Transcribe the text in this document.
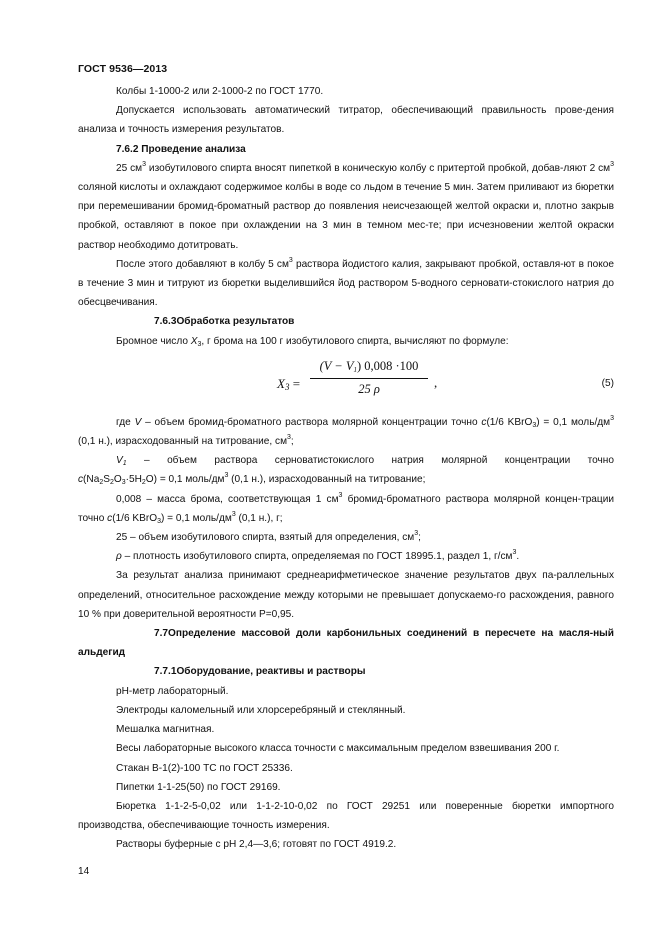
ГОСТ 9536—2013

Колбы 1-1000-2 или 2-1000-2 по ГОСТ 1770.

Допускается использовать автоматический титратор, обеспечивающий правильность прове-дения анализа и точность измерения результатов.

7.6.2 Проведение анализа

25 $см^3$ изобутилового спирта вносят пипеткой в коническую колбу с притертой пробкой, добав-ляют 2 $см^3$ соляной кислоты и охлаждают содержимое колбы в воде со льдом в течение 5 мин. Затем приливают из бюретки при перемешивании бромид-броматный раствор до появления неисчезающей желтой окраски и, плотно закрыв пробкой, оставляют в покое при охлаждении на 3 мин в темном мес-те; при исчезновении желтой окраски раствор необходимо дотитровать.

После этого добавляют в колбу 5 $см^3$ раствора йодистого калия, закрывают пробкой, оставля-ют в покое в течение 3 мин и титруют из бюретки выделившийся йод раствором 5-водного серновати-стокислого натрия до обесцвечивания.

7.6.3Обработка результатов

Бромное число $X_3$, г брома на 100 г изобутилового спирта, вычисляют по формуле:

$X_3 = \frac{(V - V_1) 0,008 \cdot 100}{25 \rho}$ ,	(5)

где V – объем бромид-броматного раствора молярной концентрации точно c(1/6 KBrO$_3$) = 0,1 моль/$дм^3$ (0,1 н.), израсходованный на титрование, $см^3$;

$V_1$ – объем раствора серноватистокислого натрия молярной концентрации точно

$c(Na_2S_2O_3\cdot 5H_2O) = 0,1$ моль/$дм^3$ (0,1 н.), израсходованный на титрование;

0,008 – масса брома, соответствующая 1 $см^3$ бромид-броматного раствора молярной концен-трации точно c(1/6 KBrO$_3$) = 0,1 моль/$дм^3$ (0,1 н.), г;

25 – объем изобутилового спирта, взятый для определения, $см^3$;

ρ – плотность изобутилового спирта, определяемая по ГОСТ 18995.1, раздел 1, $г/см^3$.

За результат анализа принимают среднеарифметическое значение результатов двух па-раллельных определений, относительное расхождение между которыми не превышает допускаемо-го расхождения, равного 10 % при доверительной вероятности Р=0,95.

7.7Определение массовой доли карбонильных соединений в пересчете на масля-ный альдегид

7.7.1Оборудование, реактивы и растворы

pH-метр лабораторный.

Электроды каломельный или хлорсеребряный и стеклянный.

Мешалка магнитная.

Весы лабораторные высокого класса точности с максимальным пределом взвешивания 200 г.

Стакан В-1(2)-100 ТС по ГОСТ 25336.

Пипетки 1-1-25(50) по ГОСТ 29169.

Бюретка 1-1-2-5-0,02 или 1-1-2-10-0,02 по ГОСТ 29251 или поверенные бюретки импортного производства, обеспечивающие точность измерения.

Растворы буферные с рН 2,4—3,6; готовят по ГОСТ 4919.2.

14
